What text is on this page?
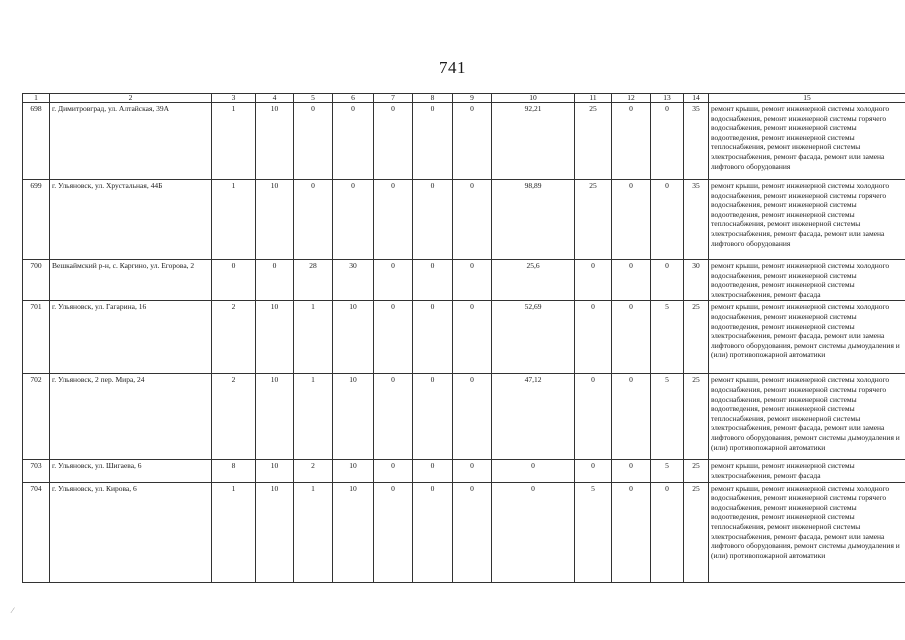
741
1	2	3	4	5	6	7	8	9	10	11	12	13	14	15
698	г. Димитровград, ул. Алтайская, 39А	1	10	0	0	0	0	0	92,21	25	0	0	35	ремонт крыши, ремонт инженерной системы холодного водоснабжения, ремонт инженерной системы горячего водоснабжения, ремонт инженерной системы водоотведения, ремонт инженерной системы теплоснабжения, ремонт инженерной системы электроснабжения, ремонт фасада, ремонт или замена лифтового оборудования
699	г. Ульяновск, ул. Хрустальная, 44Б	1	10	0	0	0	0	0	98,89	25	0	0	35	ремонт крыши, ремонт инженерной системы холодного водоснабжения, ремонт инженерной системы горячего водоснабжения, ремонт инженерной системы водоотведения, ремонт инженерной системы теплоснабжения, ремонт инженерной системы электроснабжения, ремонт фасада, ремонт или замена лифтового оборудования
700	Вешкаймский р-н, с. Каргино, ул. Егорова, 2	0	0	28	30	0	0	0	25,6	0	0	0	30	ремонт крыши, ремонт инженерной системы холодного водоснабжения, ремонт инженерной системы водоотведения, ремонт инженерной системы электроснабжения, ремонт фасада
701	г. Ульяновск, ул. Гагарина, 16	2	10	1	10	0	0	0	52,69	0	0	5	25	ремонт крыши, ремонт инженерной системы холодного водоснабжения, ремонт инженерной системы водоотведения, ремонт инженерной системы электроснабжения, ремонт фасада, ремонт или замена лифтового оборудования, ремонт системы дымоудаления и (или) противопожарной автоматики
702	г. Ульяновск, 2 пер. Мира, 24	2	10	1	10	0	0	0	47,12	0	0	5	25	ремонт крыши, ремонт инженерной системы холодного водоснабжения, ремонт инженерной системы горячего водоснабжения, ремонт инженерной системы водоотведения, ремонт инженерной системы теплоснабжения, ремонт инженерной системы электроснабжения, ремонт фасада, ремонт или замена лифтового оборудования, ремонт системы дымоудаления и (или) противопожарной автоматики
703	г. Ульяновск, ул. Шигаева, 6	8	10	2	10	0	0	0	0	0	0	5	25	ремонт крыши, ремонт инженерной системы электроснабжения, ремонт фасада
704	г. Ульяновск, ул. Кирова, 6	1	10	1	10	0	0	0	0	5	0	0	25	ремонт крыши, ремонт инженерной системы холодного водоснабжения, ремонт инженерной системы горячего водоснабжения, ремонт инженерной системы водоотведения, ремонт инженерной системы теплоснабжения, ремонт инженерной системы электроснабжения, ремонт фасада, ремонт или замена лифтового оборудования, ремонт системы дымоудаления и (или) противопожарной автоматики
⁄
